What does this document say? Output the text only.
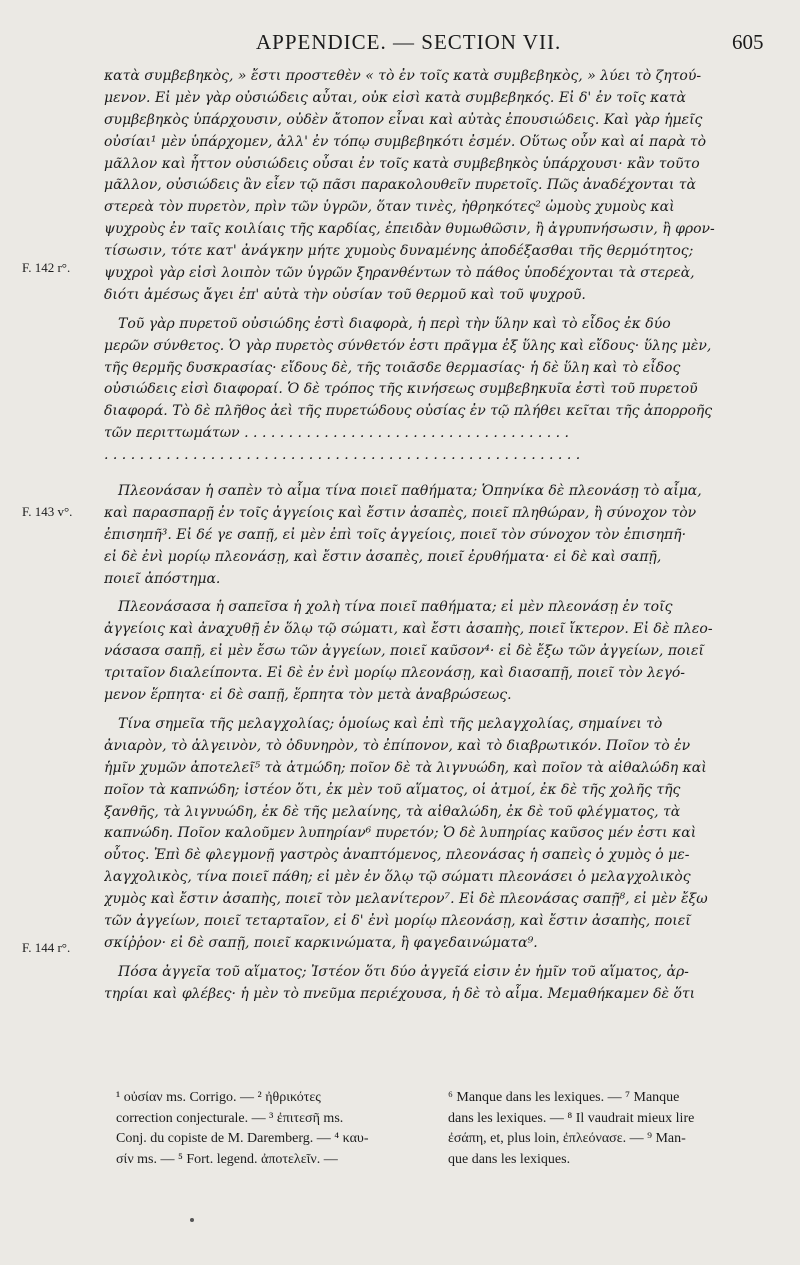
APPENDICE. — SECTION VII.	605
F. 142 r°.
F. 143 v°.
F. 144 r°.
κατὰ συμβεβηκὸς, » ἔστι προστεθὲν « τὸ ἐν τοῖς κατὰ συμβεβηκὸς, » λύει τὸ ζητού-
μενον. Εἰ μὲν γὰρ οὐσιώδεις αὗται, οὐκ εἰσὶ κατὰ συμβεβηκός. Εἰ δ' ἐν τοῖς κατὰ
συμβεβηκὸς ὑπάρχουσιν, οὐδὲν ἄτοπον εἶναι καὶ αὐτὰς ἐπουσιώδεις. Καὶ γὰρ ἡμεῖς
οὐσίαι¹ μὲν ὑπάρχομεν, ἀλλ' ἐν τόπῳ συμβεβηκότι ἐσμέν. Οὕτως οὖν καὶ αἱ παρὰ τὸ
μᾶλλον καὶ ἧττον οὐσιώδεις οὖσαι ἐν τοῖς κατὰ συμβεβηκὸς ὑπάρχουσι· κἂν τοῦτο
μᾶλλον, οὐσιώδεις ἂν εἶεν τῷ πᾶσι παρακολουθεῖν πυρετοῖς. Πῶς ἀναδέχονται τὰ
στερεὰ τὸν πυρετὸν, πρὶν τῶν ὑγρῶν, ὅταν τινὲς, ἠθρηκότες² ὠμοὺς χυμοὺς καὶ
ψυχροὺς ἐν ταῖς κοιλίαις τῆς καρδίας, ἐπειδὰν θυμωθῶσιν, ἢ ἀγρυπνήσωσιν, ἢ φρον-
τίσωσιν, τότε κατ' ἀνάγκην μήτε χυμοὺς δυναμένης ἀποδέξασθαι τῆς θερμότητος;
ψυχροὶ γὰρ εἰσὶ λοιπὸν τῶν ὑγρῶν ξηρανθέντων τὸ πάθος ὑποδέχονται τὰ στερεὰ,
διότι ἀμέσως ἄγει ἐπ' αὐτὰ τὴν οὐσίαν τοῦ θερμοῦ καὶ τοῦ ψυχροῦ.
Τοῦ γὰρ πυρετοῦ οὐσιώδης ἐστὶ διαφορὰ, ἡ περὶ τὴν ὕλην καὶ τὸ εἶδος ἐκ δύο
μερῶν σύνθετος. Ὁ γὰρ πυρετὸς σύνθετόν ἐστι πρᾶγμα ἐξ ὕλης καὶ εἴδους· ὕλης μὲν,
τῆς θερμῆς δυσκρασίας· εἴδους δὲ, τῆς τοιᾶσδε θερμασίας· ἡ δὲ ὕλη καὶ τὸ εἶδος
οὐσιώδεις εἰσὶ διαφοραί. Ὁ δὲ τρόπος τῆς κινήσεως συμβεβηκυῖα ἐστὶ τοῦ πυρετοῦ
διαφορά. Τὸ δὲ πλῆθος ἀεὶ τῆς πυρετώδους οὐσίας ἐν τῷ πλήθει κεῖται τῆς ἀπορροῆς
τῶν περιττωμάτων . . . . . . . . . . . . . . . . . . . . . . . . . . . . . . . . . . . . .
. . . . . . . . . . . . . . . . . . . . . . . . . . . . . . . . . . . . . . . . . . . . . . . . . . . . . .
Πλεονάσαν ἡ σαπὲν τὸ αἷμα τίνα ποιεῖ παθήματα; Ὁπηνίκα δὲ πλεονάσῃ τὸ αἷμα,
καὶ παρασπαρῇ ἐν τοῖς ἀγγείοις καὶ ἔστιν ἀσαπὲς, ποιεῖ πληθώραν, ἢ σύνοχον τὸν
ἐπισηπῆ³. Εἰ δέ γε σαπῇ, εἰ μὲν ἐπὶ τοῖς ἀγγείοις, ποιεῖ τὸν σύνοχον τὸν ἐπισηπῆ·
εἰ δὲ ἐνὶ μορίῳ πλεονάσῃ, καὶ ἔστιν ἀσαπὲς, ποιεῖ ἐρυθήματα· εἰ δὲ καὶ σαπῇ,
ποιεῖ ἀπόστημα.
Πλεονάσασα ἡ σαπεῖσα ἡ χολὴ τίνα ποιεῖ παθήματα; εἰ μὲν πλεονάσῃ ἐν τοῖς
ἀγγείοις καὶ ἀναχυθῇ ἐν ὅλῳ τῷ σώματι, καὶ ἔστι ἀσαπὴς, ποιεῖ ἴκτερον. Εἰ δὲ πλεο-
νάσασα σαπῇ, εἰ μὲν ἔσω τῶν ἀγγείων, ποιεῖ καῦσον⁴· εἰ δὲ ἔξω τῶν ἀγγείων, ποιεῖ
τριταῖον διαλείποντα. Εἰ δὲ ἐν ἐνὶ μορίῳ πλεονάσῃ, καὶ διασαπῇ, ποιεῖ τὸν λεγό-
μενον ἕρπητα· εἰ δὲ σαπῇ, ἕρπητα τὸν μετὰ ἀναβρώσεως.
Τίνα σημεῖα τῆς μελαγχολίας; ὁμοίως καὶ ἐπὶ τῆς μελαγχολίας, σημαίνει τὸ
ἀνιαρὸν, τὸ ἀλγεινὸν, τὸ ὀδυνηρὸν, τὸ ἐπίπονον, καὶ τὸ διαβρωτικόν. Ποῖον τὸ ἐν
ἡμῖν χυμῶν ἀποτελεῖ⁵ τὰ ἀτμώδη; ποῖον δὲ τὰ λιγνυώδη, καὶ ποῖον τὰ αἰθαλώδη καὶ
ποῖον τὰ καπνώδη; ἰστέον ὅτι, ἐκ μὲν τοῦ αἵματος, οἱ ἀτμοί, ἐκ δὲ τῆς χολῆς τῆς
ξανθῆς, τὰ λιγνυώδη, ἐκ δὲ τῆς μελαίνης, τὰ αἰθαλώδη, ἐκ δὲ τοῦ φλέγματος, τὰ
καπνώδη. Ποῖον καλοῦμεν λυπηρίαν⁶ πυρετόν; Ὁ δὲ λυπηρίας καῦσος μέν ἐστι καὶ
οὗτος. Ἐπὶ δὲ φλεγμονῇ γαστρὸς ἀναπτόμενος, πλεονάσας ἡ σαπεὶς ὁ χυμὸς ὁ με-
λαγχολικὸς, τίνα ποιεῖ πάθη; εἰ μὲν ἐν ὅλῳ τῷ σώματι πλεονάσει ὁ μελαγχολικὸς
χυμὸς καὶ ἔστιν ἀσαπὴς, ποιεῖ τὸν μελανίτερον⁷. Εἰ δὲ πλεονάσας σαπῇ⁸, εἰ μὲν ἔξω
τῶν ἀγγείων, ποιεῖ τεταρταῖον, εἰ δ' ἐνὶ μορίῳ πλεονάσῃ, καὶ ἔστιν ἀσαπὴς, ποιεῖ
σκίῤῥον· εἰ δὲ σαπῇ, ποιεῖ καρκινώματα, ἢ φαγεδαινώματα⁹.
Πόσα ἀγγεῖα τοῦ αἵματος; Ἰστέον ὅτι δύο ἀγγεῖά εἰσιν ἐν ἡμῖν τοῦ αἵματος, ἀρ-
τηρίαι καὶ φλέβες· ἡ μὲν τὸ πνεῦμα περιέχουσα, ἡ δὲ τὸ αἷμα. Μεμαθήκαμεν δὲ ὅτι
¹ οὐσίαν ms. Corrigo. — ² ἠθρικότες
correction conjecturale. — ³ ἐπιτεσῆ ms.
Conj. du copiste de M. Daremberg. — ⁴ καυ-
σίν ms. — ⁵ Fort. legend. ἀποτελεῖν. —
⁶ Manque dans les lexiques. — ⁷ Manque
dans les lexiques. — ⁸ Il vaudrait mieux lire
ἐσάπη, et, plus loin, ἐπλεόνασε. — ⁹ Man-
que dans les lexiques.
